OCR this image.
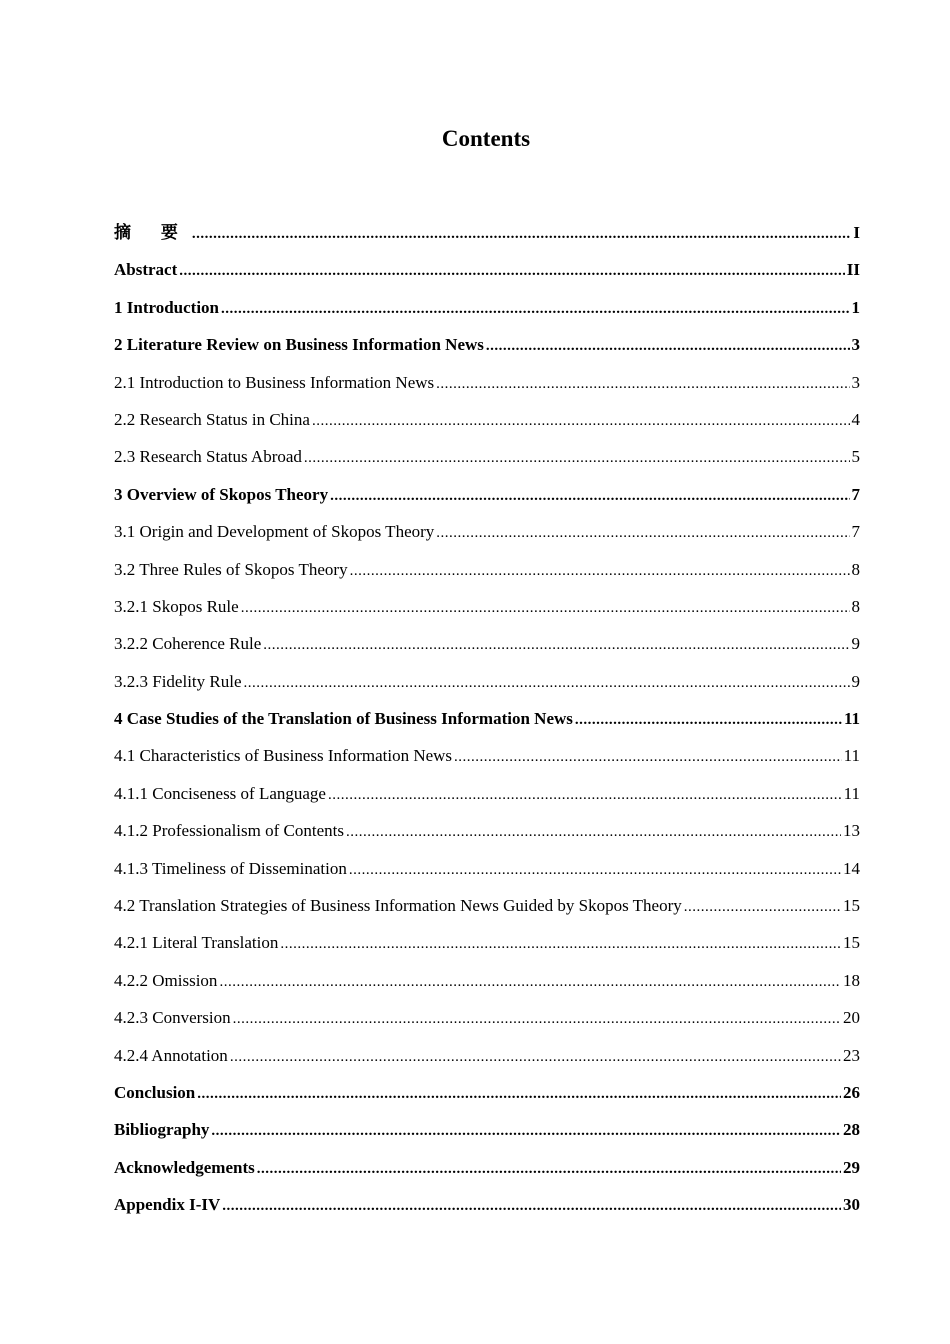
Contents
摘 要 .....	I
Abstract .....	II
1 Introduction .....	1
2 Literature Review on Business Information News .....	3
2.1 Introduction to Business Information News .....	3
2.2 Research Status in China .....	4
2.3 Research Status Abroad .....	5
3 Overview of Skopos Theory .....	7
3.1 Origin and Development of Skopos Theory .....	7
3.2 Three Rules of Skopos Theory .....	8
3.2.1 Skopos Rule .....	8
3.2.2 Coherence Rule .....	9
3.2.3 Fidelity Rule .....	9
4 Case Studies of the Translation of Business Information News .....	11
4.1 Characteristics of Business Information News .....	11
4.1.1 Conciseness of Language .....	11
4.1.2 Professionalism of Contents .....	13
4.1.3 Timeliness of Dissemination .....	14
4.2 Translation Strategies of Business Information News Guided by Skopos Theory .....	15
4.2.1 Literal Translation .....	15
4.2.2 Omission .....	18
4.2.3 Conversion .....	20
4.2.4 Annotation .....	23
Conclusion .....	26
Bibliography .....	28
Acknowledgements .....	29
Appendix I-IV .....	30
